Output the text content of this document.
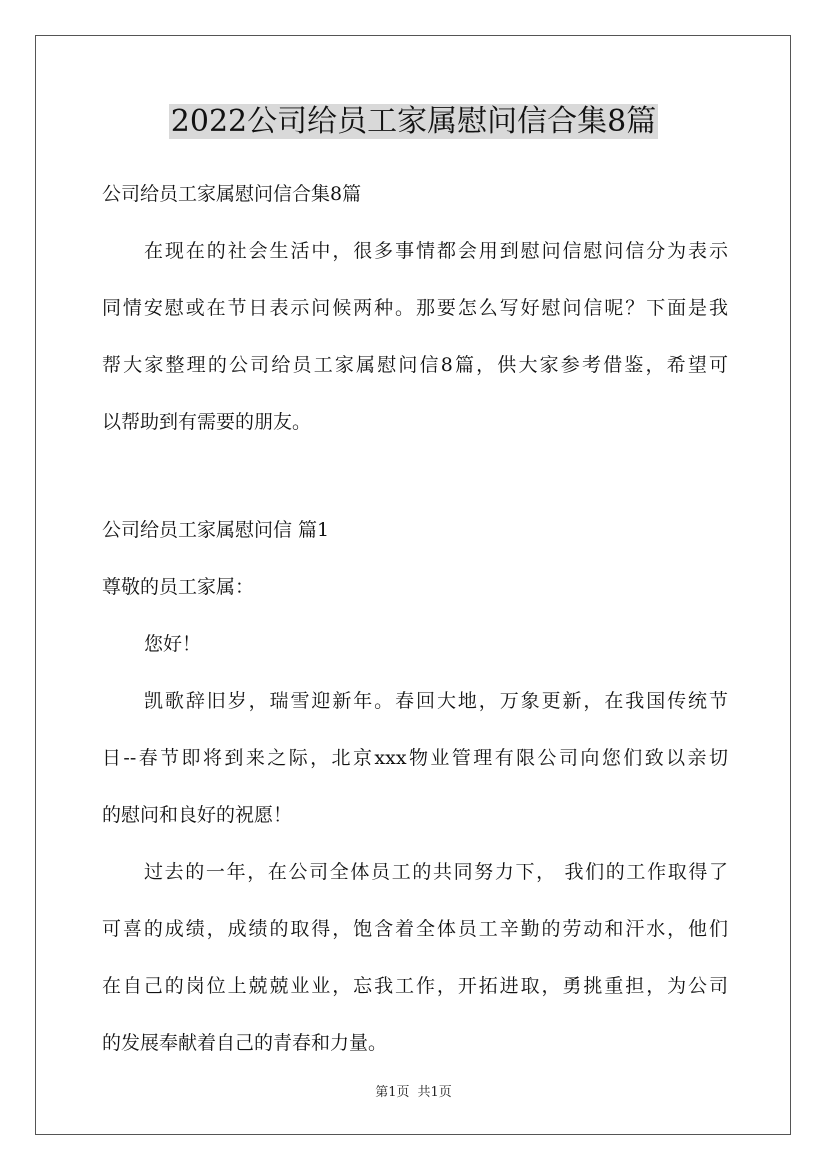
2022公司给员工家属慰问信合集8篇
公司给员工家属慰问信合集8篇
在现在的社会生活中，很多事情都会用到慰问信慰问信分为表示
同情安慰或在节日表示问候两种。那要怎么写好慰问信呢？下面是我
帮大家整理的公司给员工家属慰问信8篇，供大家参考借鉴，希望可
以帮助到有需要的朋友。
公司给员工家属慰问信 篇1
尊敬的员工家属：
您好！
凯歌辞旧岁，瑞雪迎新年。春回大地，万象更新，在我国传统节
日--春节即将到来之际，北京xxx物业管理有限公司向您们致以亲切
的慰问和良好的祝愿！
过去的一年，在公司全体员工的共同努力下， 我们的工作取得了
可喜的成绩，成绩的取得，饱含着全体员工辛勤的劳动和汗水，他们
在自己的岗位上兢兢业业，忘我工作，开拓进取，勇挑重担，为公司
的发展奉献着自己的青春和力量。
第1页 共1页
